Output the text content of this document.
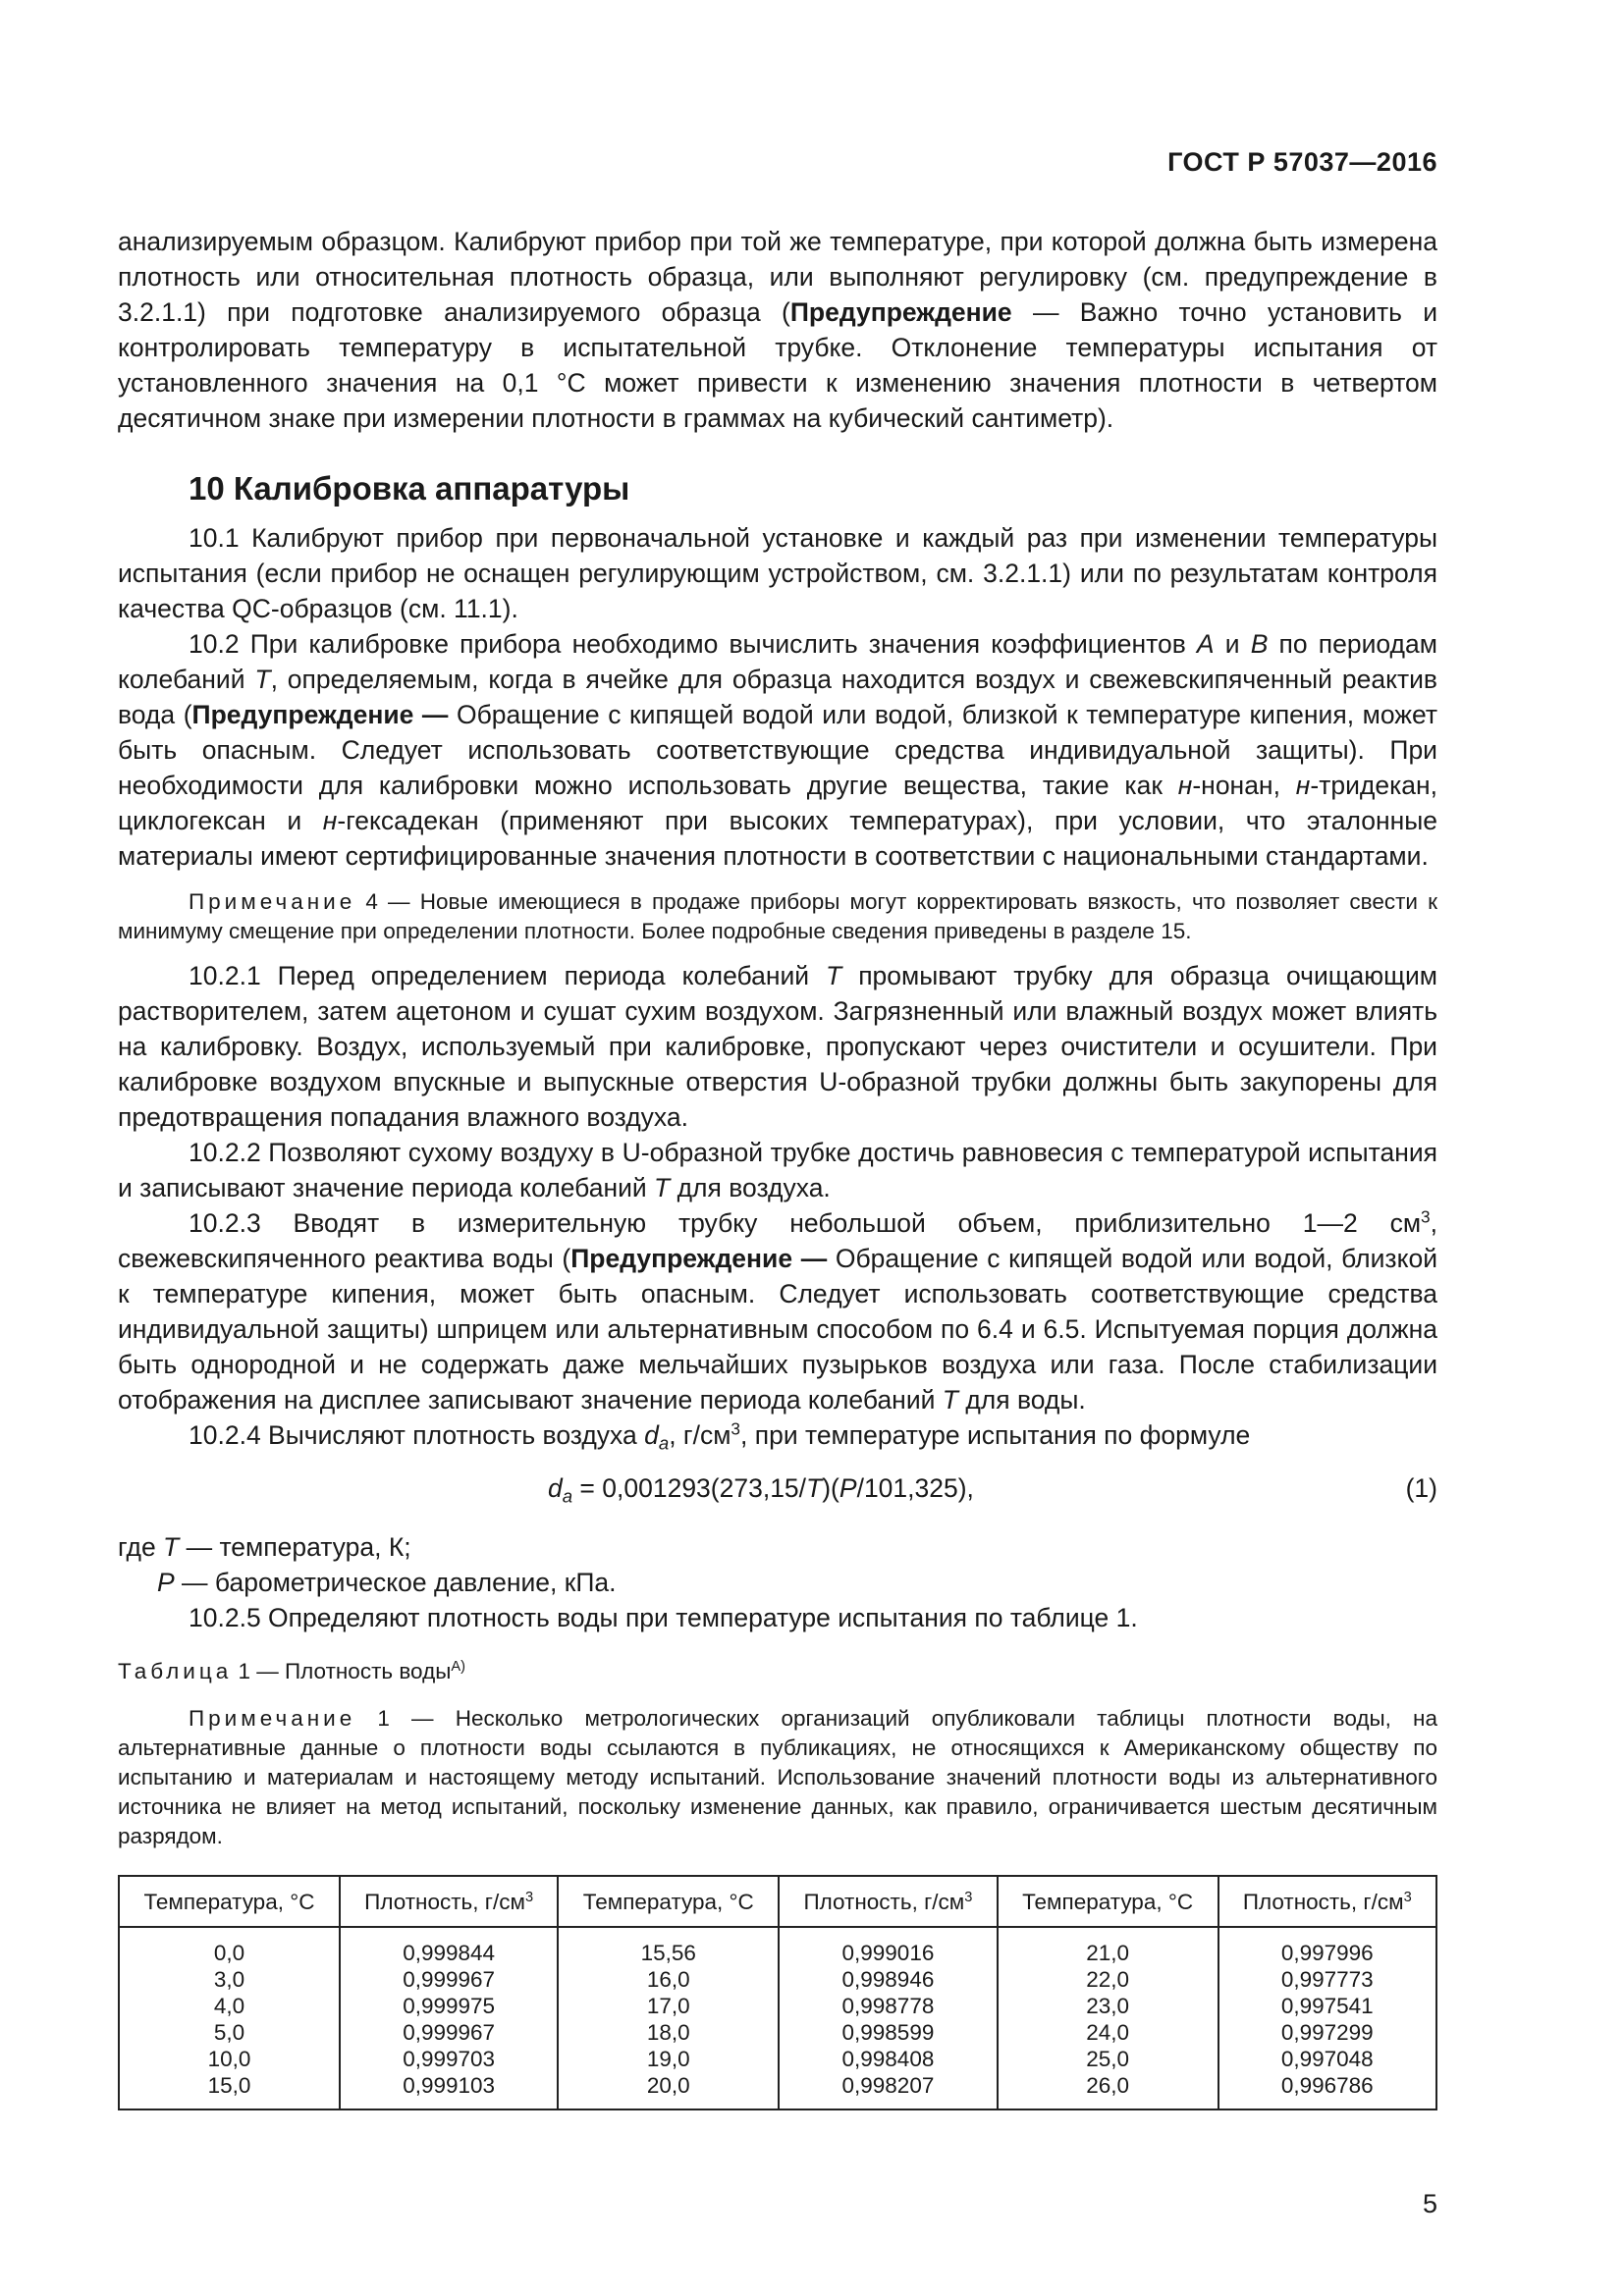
ГОСТ Р 57037—2016

анализируемым образцом. Калибруют прибор при той же температуре, при которой должна быть измерена плотность или относительная плотность образца, или выполняют регулировку (см. предупреждение в 3.2.1.1) при подготовке анализируемого образца (Предупреждение — Важно точно установить и контролировать температуру в испытательной трубке. Отклонение температуры испытания от установленного значения на 0,1 °С может привести к изменению значения плотности в четвертом десятичном знаке при измерении плотности в граммах на кубический сантиметр).

10 Калибровка аппаратуры

10.1 Калибруют прибор при первоначальной установке и каждый раз при изменении температуры испытания (если прибор не оснащен регулирующим устройством, см. 3.2.1.1) или по результатам контроля качества QC-образцов (см. 11.1).

10.2 При калибровке прибора необходимо вычислить значения коэффициентов A и B по периодам колебаний T, определяемым, когда в ячейке для образца находится воздух и свежевскипяченный реактив вода (Предупреждение — Обращение с кипящей водой или водой, близкой к температуре кипения, может быть опасным. Следует использовать соответствующие средства индивидуальной защиты). При необходимости для калибровки можно использовать другие вещества, такие как н-нонан, н-тридекан, циклогексан и н-гексадекан (применяют при высоких температурах), при условии, что эталонные материалы имеют сертифицированные значения плотности в соответствии с национальными стандартами.

Примечание 4 — Новые имеющиеся в продаже приборы могут корректировать вязкость, что позволяет свести к минимуму смещение при определении плотности. Более подробные сведения приведены в разделе 15.

10.2.1 Перед определением периода колебаний T промывают трубку для образца очищающим растворителем, затем ацетоном и сушат сухим воздухом. Загрязненный или влажный воздух может влиять на калибровку. Воздух, используемый при калибровке, пропускают через очистители и осушители. При калибровке воздухом впускные и выпускные отверстия U-образной трубки должны быть закупорены для предотвращения попадания влажного воздуха.

10.2.2 Позволяют сухому воздуху в U-образной трубке достичь равновесия с температурой испытания и записывают значение периода колебаний T для воздуха.

10.2.3 Вводят в измерительную трубку небольшой объем, приблизительно 1—2 $см^3$, свежевскипяченного реактива воды (Предупреждение — Обращение с кипящей водой или водой, близкой к температуре кипения, может быть опасным. Следует использовать соответствующие средства индивидуальной защиты) шприцем или альтернативным способом по 6.4 и 6.5. Испытуемая порция должна быть однородной и не содержать даже мельчайших пузырьков воздуха или газа. После стабилизации отображения на дисплее записывают значение периода колебаний T для воды.

10.2.4 Вычисляют плотность воздуха $d_a$, $г/см^3$, при температуре испытания по формуле

$d_a = 0,001293(273,15/T)(P/101,325)$,	(1)

где T — температура, К;

P — барометрическое давление, кПа.

10.2.5 Определяют плотность воды при температуре испытания по таблице 1.

Таблица 1 — Плотность воды$^{A)}$

Примечание 1 — Несколько метрологических организаций опубликовали таблицы плотности воды, на альтернативные данные о плотности воды ссылаются в публикациях, не относящихся к Американскому обществу по испытанию и материалам и настоящему методу испытаний. Использование значений плотности воды из альтернативного источника не влияет на метод испытаний, поскольку изменение данных, как правило, ограничивается шестым десятичным разрядом.

Температура, °С	Плотность, $г/см^3$	Температура, °С	Плотность, $г/см^3$	Температура, °С	Плотность, $г/см^3$
0,0	0,999844	15,56	0,999016	21,0	0,997996
3,0	0,999967	16,0	0,998946	22,0	0,997773
4,0	0,999975	17,0	0,998778	23,0	0,997541
5,0	0,999967	18,0	0,998599	24,0	0,997299
10,0	0,999703	19,0	0,998408	25,0	0,997048
15,0	0,999103	20,0	0,998207	26,0	0,996786
5
